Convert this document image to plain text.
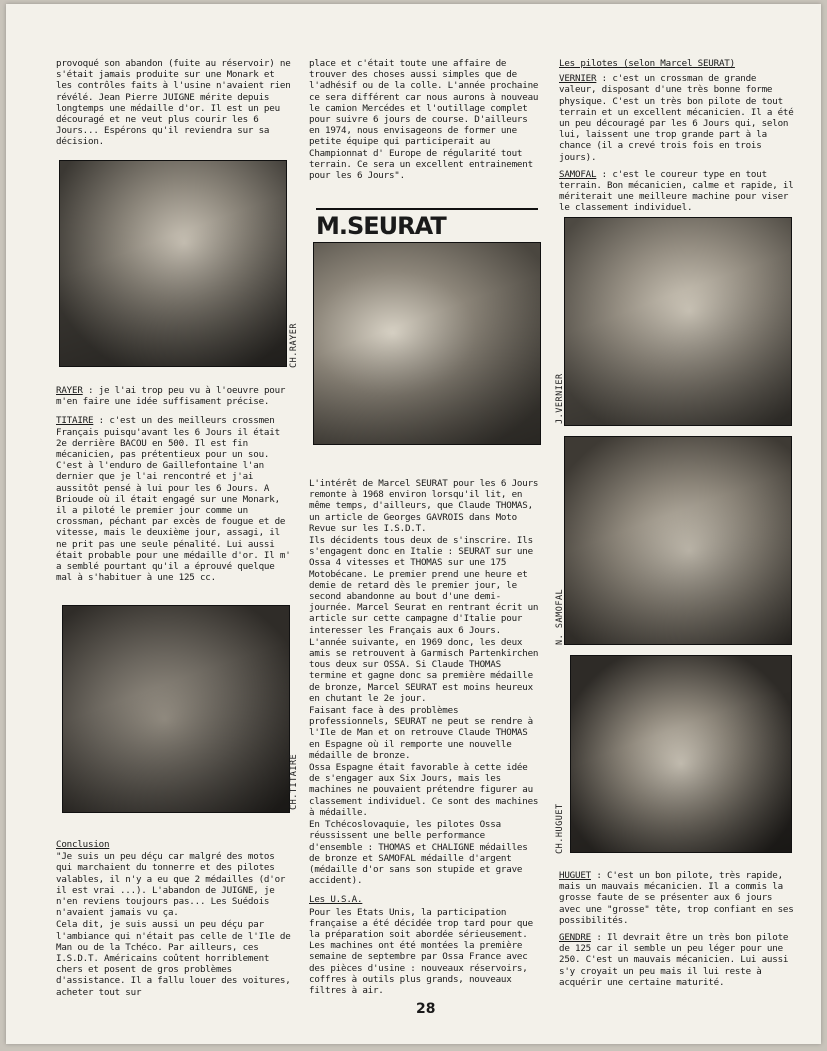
provoqué son abandon (fuite au réservoir) ne s'était jamais produite sur une Monark et les contrôles faits à l'usine n'avaient rien révélé. Jean Pierre JUIGNE mérite depuis longtemps une médaille d'or. Il est un peu découragé et ne veut plus courir les 6 Jours... Espérons qu'il reviendra sur sa décision.

CH.RAYER

RAYER : je l'ai trop peu vu à l'oeuvre pour m'en faire une idée suffisament précise.

TITAIRE : c'est un des meilleurs crossmen Français puisqu'avant les 6 Jours il était 2e derrière BACOU en 500. Il est fin mécanicien, pas prétentieux pour un sou. C'est à l'enduro de Gaillefontaine l'an dernier que je l'ai rencontré et j'ai aussitôt pensé à lui pour les 6 Jours. A Brioude où il était engagé sur une Monark, il a piloté le premier jour comme un crossman, péchant par excès de fougue et de vitesse, mais le deuxième jour, assagi, il ne prit pas une seule pénalité. Lui aussi était probable pour une médaille d'or. Il m' a semblé pourtant qu'il a éprouvé quelque mal à s'habituer à une 125 cc.

CH.TITAIRE

Conclusion

"Je suis un peu déçu car malgré des motos qui marchaient du tonnerre et des pilotes valables, il n'y a eu que 2 médailles (d'or il est vrai ...). L'abandon de JUIGNE, je n'en reviens toujours pas... Les Suédois n'avaient jamais vu ça.

Cela dit, je suis aussi un peu déçu par l'ambiance qui n'était pas celle de l'Ile de Man ou de la Tchéco. Par ailleurs, ces I.S.D.T. Américains coûtent horriblement chers et posent de gros problèmes d'assistance. Il a fallu louer des voitures, acheter tout sur

place et c'était toute une affaire de trouver des choses aussi simples que de l'adhésif ou de la colle. L'année prochaine ce sera différent car nous aurons à nouveau le camion Mercédes et l'outillage complet pour suivre 6 jours de course. D'ailleurs en 1974, nous envisageons de former une petite équipe qui participerait au Championnat d' Europe de régularité tout terrain. Ce sera un excellent entrainement pour les 6 Jours".

M.SEURAT

L'intérêt de Marcel SEURAT pour les 6 Jours remonte à 1968 environ lorsqu'il lit, en même temps, d'ailleurs, que Claude THOMAS, un article de Georges GAVROIS dans Moto Revue sur les I.S.D.T.

Ils décidents tous deux de s'inscrire. Ils s'engagent donc en Italie : SEURAT sur une Ossa 4 vitesses et THOMAS sur une 175 Motobécane. Le premier prend une heure et demie de retard dès le premier jour, le second abandonne au bout d'une demi-journée. Marcel Seurat en rentrant écrit un article sur cette campagne d'Italie pour interesser les Français aux 6 Jours.

L'année suivante, en 1969 donc, les deux amis se retrouvent à Garmisch Partenkirchen tous deux sur OSSA. Si Claude THOMAS termine et gagne donc sa première médaille de bronze, Marcel SEURAT est moins heureux en chutant le 2e jour.

Faisant face à des problèmes professionnels, SEURAT ne peut se rendre à l'Ile de Man et on retrouve Claude THOMAS en Espagne où il remporte une nouvelle médaille de bronze.

Ossa Espagne était favorable à cette idée de s'engager aux Six Jours, mais les machines ne pouvaient prétendre figurer au classement individuel. Ce sont des machines à médaille.

En Tchécoslovaquie, les pilotes Ossa réussissent une belle performance d'ensemble : THOMAS et CHALIGNE médailles de bronze et SAMOFAL médaille d'argent (médaille d'or sans son stupide et grave accident).

Les U.S.A.

Pour les Etats Unis, la participation française a été décidée trop tard pour que la préparation soit abordée sérieusement. Les machines ont été montées la première semaine de septembre par Ossa France avec des pièces d'usine : nouveaux réservoirs, coffres à outils plus grands, nouveaux filtres à air.

Les pilotes (selon Marcel SEURAT)

VERNIER : c'est un crossman de grande valeur, disposant d'une très bonne forme physique. C'est un très bon pilote de tout terrain et un excellent mécanicien. Il a été un peu découragé par les 6 Jours qui, selon lui, laissent une trop grande part à la chance (il a crevé trois fois en trois jours).

SAMOFAL : c'est le coureur type en tout terrain. Bon mécanicien, calme et rapide, il mériterait une meilleure machine pour viser le classement individuel.

J.VERNIER
N. SAMOFAL
CH.HUGUET

HUGUET : C'est un bon pilote, très rapide, mais un mauvais mécanicien. Il a commis la grosse faute de se présenter aux 6 jours avec une "grosse" tête, trop confiant en ses possibilités.

GENDRE : Il devrait être un très bon pilote de 125 car il semble un peu léger pour une 250. C'est un mauvais mécanicien. Lui aussi s'y croyait un peu mais il lui reste à acquérir une certaine maturité.

28
